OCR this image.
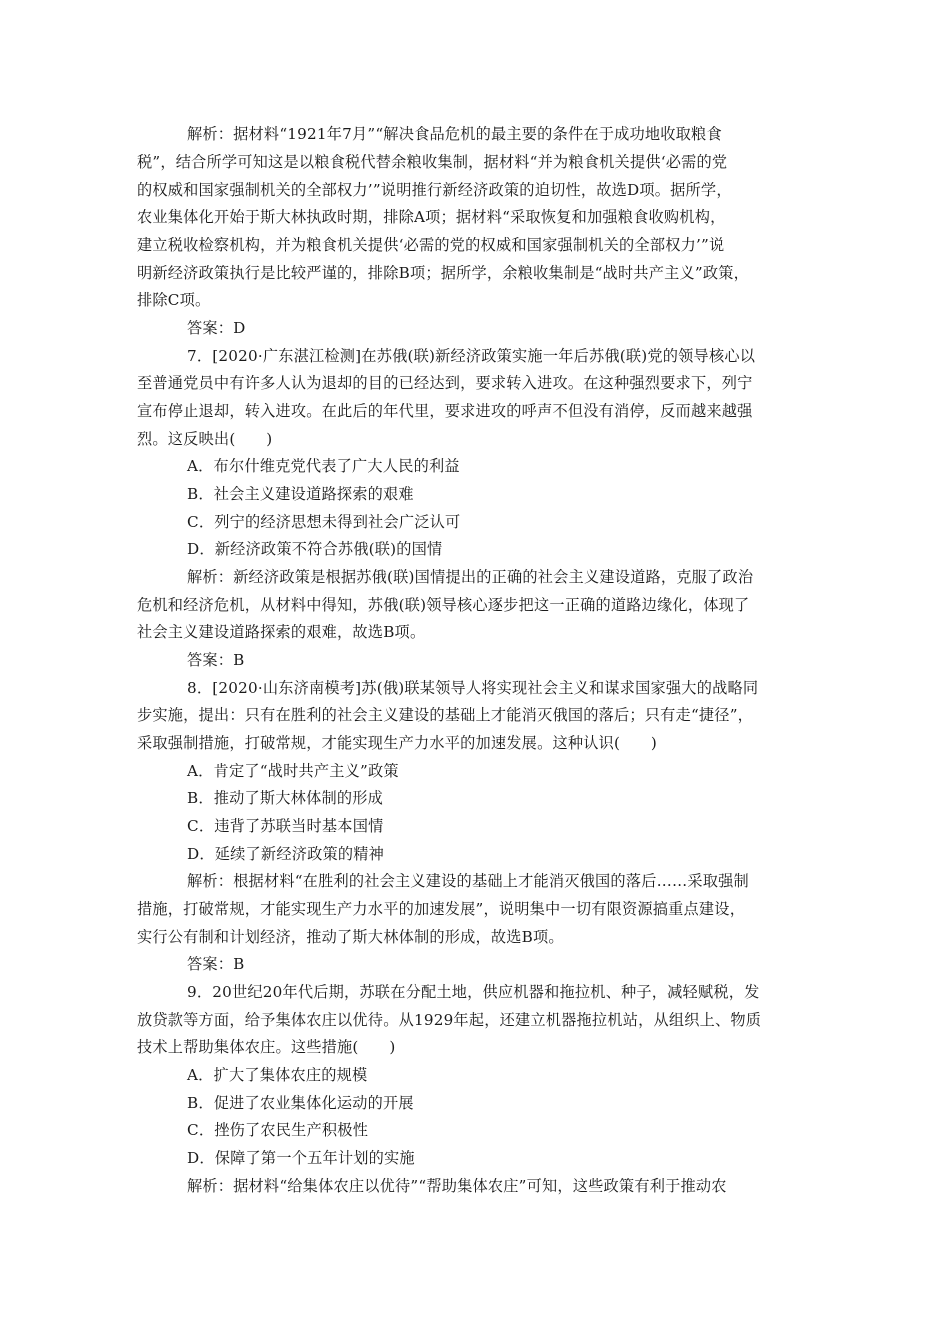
解析：据材料“1921年7月”“解决食品危机的最主要的条件在于成功地收取粮食
税”，结合所学可知这是以粮食税代替余粮收集制，据材料“并为粮食机关提供‘必需的党
的权威和国家强制机关的全部权力’”说明推行新经济政策的迫切性，故选D项。据所学，
农业集体化开始于斯大林执政时期，排除A项；据材料“采取恢复和加强粮食收购机构，
建立税收检察机构，并为粮食机关提供‘必需的党的权威和国家强制机关的全部权力’”说
明新经济政策执行是比较严谨的，排除B项；据所学，余粮收集制是“战时共产主义”政策，
排除C项。
答案：D
7．[2020·广东湛江检测]在苏俄(联)新经济政策实施一年后苏俄(联)党的领导核心以
至普通党员中有许多人认为退却的目的已经达到，要求转入进攻。在这种强烈要求下，列宁
宣布停止退却，转入进攻。在此后的年代里，要求进攻的呼声不但没有消停，反而越来越强
烈。这反映出(　　)
A．布尔什维克党代表了广大人民的利益
B．社会主义建设道路探索的艰难
C．列宁的经济思想未得到社会广泛认可
D．新经济政策不符合苏俄(联)的国情
解析：新经济政策是根据苏俄(联)国情提出的正确的社会主义建设道路，克服了政治
危机和经济危机，从材料中得知，苏俄(联)领导核心逐步把这一正确的道路边缘化，体现了
社会主义建设道路探索的艰难，故选B项。
答案：B
8．[2020·山东济南模考]苏(俄)联某领导人将实现社会主义和谋求国家强大的战略同
步实施，提出：只有在胜利的社会主义建设的基础上才能消灭俄国的落后；只有走“捷径”，
采取强制措施，打破常规，才能实现生产力水平的加速发展。这种认识(　　)
A．肯定了“战时共产主义”政策
B．推动了斯大林体制的形成
C．违背了苏联当时基本国情
D．延续了新经济政策的精神
解析：根据材料“在胜利的社会主义建设的基础上才能消灭俄国的落后……采取强制
措施，打破常规，才能实现生产力水平的加速发展”，说明集中一切有限资源搞重点建设，
实行公有制和计划经济，推动了斯大林体制的形成，故选B项。
答案：B
9．20世纪20年代后期，苏联在分配土地，供应机器和拖拉机、种子，减轻赋税，发
放贷款等方面，给予集体农庄以优待。从1929年起，还建立机器拖拉机站，从组织上、物质
技术上帮助集体农庄。这些措施(　　)
A．扩大了集体农庄的规模
B．促进了农业集体化运动的开展
C．挫伤了农民生产积极性
D．保障了第一个五年计划的实施
解析：据材料“给集体农庄以优待”“帮助集体农庄”可知，这些政策有利于推动农
